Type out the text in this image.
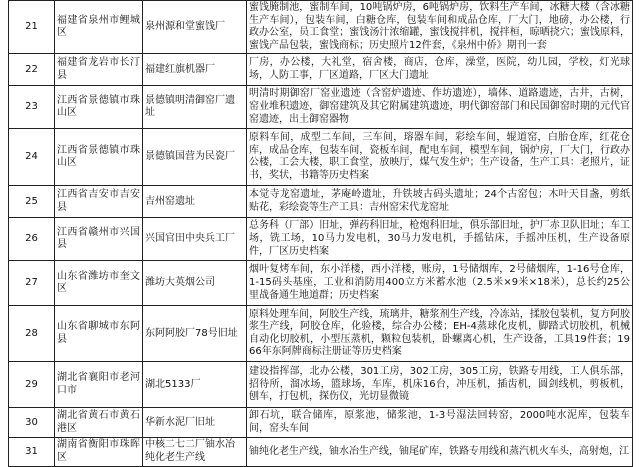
21	福建省泉州市鲤城区	泉州源和堂蜜饯厂	蜜饯腌制池，蜜制车间，10吨锅炉房，6吨锅炉房，饮料生产车间，冰糖大楼（含冰糖生产车间），包装车间，白糖仓库，包装车间和成品仓库，厂大门，地磅，办公楼，行政办公室，员工食堂；蜜饯汤汁浓缩罐，蜜饯搅拌机，搅拌桓，晾晒挠穴；蜜饯原料，蜜饯产品包装，蜜饯商标；历史照片12件套，《泉州中侨》期刊一套
22	福建省龙岩市长汀县	福建红旗机器厂	厂房，办公楼，大礼堂，宿舍楼，商店，仓库，澡堂，医院，幼儿园，学校，灯光球场，人防工事，厂区道路，厂区大门遗址
23	江西省景德镇市珠山区	景德镇明清御窑厂遗址	明清时期御窑厂窑业遗迹（含窑炉遗迹、作坊遗迹），墙体、道路遗迹，古井，古树，窑业堆积遗迹，御窑建筑及其它附属建筑遗迹，明代御窑部门和民国御窑时期的元代官窑遗迹，出土御窑器物
24	江西省景德镇市珠山区	景德镇国营为民瓷厂	原料车间，成型二车间，三车间，瑢器车间，彩绘车间，辊道窑，白胎仓库，红花仓库，成品仓库，包装车间，瓷板车间，配电车间，模型车间，锅炉房，厂大门，行政办公楼，工会大楼，职工食堂，放映厅，煤气发生炉；生产设备，生产工具：老照片，证书，奖状，书籍等历史档案
25	江西省吉安市吉安县	吉州窑遗址	本觉寺龙窑遗址，茅庵岭遗址，升铁坡古码头遗址；24个古窑包；木叶天目盏，剪纸贴花，彩绘瓷等生产工具：吉州窑宋代龙窑址
26	江西省赣州市兴国县	兴国官田中央兵工厂	总务科（厂部）旧址，弹药科旧址，枪炮科旧址，俱乐部旧址，护厂赤卫队旧址；车工场，铣工场，10马力发电机，30马力发电机，手摇钻床，手摇冲压机，生产设备原件，厂区历史档案
27	山东省潍坊市奎文区	潍坊大英烟公司	烟叶复烤车间，东小洋楼，西小洋楼，账房，1号储烟库，2号储烟库，1-16号仓库，1-15码头基座，工业和消防用400立方米蓄水池（2.5米×9米×18米），总长约25公里战备通生地道群；历史档案
28	山东省聊城市东阿县	东阿阿胶厂78号旧址	原料处理车间，阿胶生产线，琉璃井，糖浆剂生产线，冷冻站，揉胶包装机，复方阿胶浆生产线，阿胶仓库，化验楼，综合办公楼；EH-4蒸球化皮机，脚踏式切胶机，机械自动化切胶机，小型压蒸机，颗粒包装机，卧螺离心机，生产设备，工具19件套；1966年东阿牌商标注册证等历史档案
29	湖北省襄阳市老河口市	湖北5133厂	建设指挥部，北办公楼，301工房，302工房，305工房，铁路专用线，工人俱乐部，招待所，溜冰场，篮球场，车库，机床16台，冲压机，插齿机，圆剑线机，剪板机，刨车，打包机，探伤仪，光切显微镜
30	湖北省黄石市黄石港区	华新水泥厂旧址	卸石坑，联合储库，原浆池，储浆池，1-3号湿法回转窑，2000吨水泥库，包装车间，窑头车间
31	湖南省衡阳市珠晖区	中核二七二厂铀水冶纯化老生产线	铀纯化老生产线，铀水冶生产线，铀尾矿库，铁路专用线和蒸汽机火车头，高射炮，江
